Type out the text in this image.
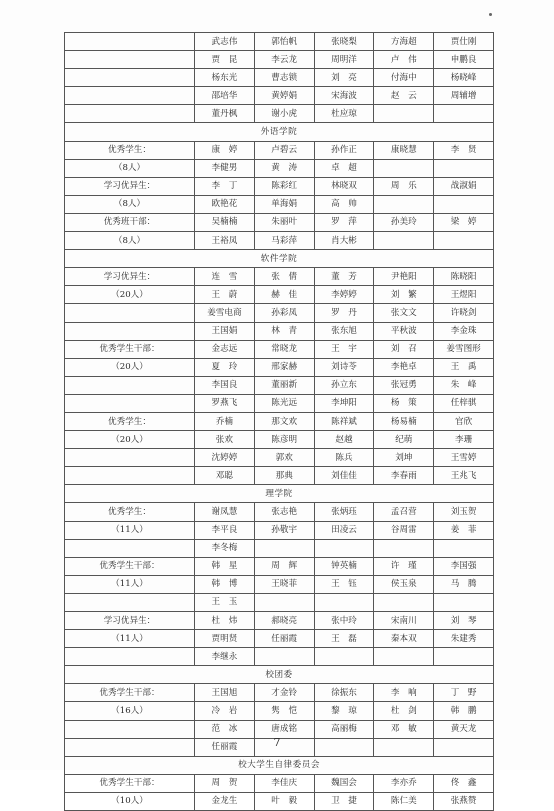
	武志伟	郭怡帆	张晓梨	方海超	贾仕刚
	贾　昆	李云龙	周明洋	卢　伟	申鹏良
	杨东光	曹志锁	刘　亮	付海中	杨晓峰
	邵培华	黄婷娟	宋海波	赵　云	周辅增
	董丹枫	谢小虎	杜应琼		
外语学院					
优秀学生：	康　婷	卢碧云	孙作正	康晓慧	李　贤
（8人）	李健男	黄　涛	卓　超		
学习优异生：	李　丁	陈彩红	林晓双	周　乐	战淑娟
（8人）	欧艳花	单海娟	高　帅		
优秀班干部：	吴楠楠	朱丽叶	罗　萍	孙美玲	梁　婷
（8人）	王裕凤	马彩萍	肖大彬		
软件学院					
学习优异生：	连　雪	张　倩	董　芳	尹艳阳	陈晓阳
（20人）	王　蔚	赫　佳	李婷婷	刘　繁	王煜阳
	姜雪电商	孙彩凤	罗　丹	张文文	许晓剑
	王国娟	林　青	张东旭	平秋波	李金珠
优秀学生干部：	金志远	常晓龙	王　宇	刘　召	姜雪图形
（20人）	夏　玲	邢家赫	刘诗苓	李艳卓	王　禹
	李国良	董丽新	孙立东	张冠勇	朱　峰
	罗燕飞	陈光远	李坤阳	杨　策	任梓骐
优秀学生：	乔楠	那文欢	陈祥斌	杨易楠	官欣
（20人）	张欢	陈彦明	赵越	纪萌	李珊
	沈婷婷	郭欢	陈兵	刘坤	王雪婷
	邓聪	那典	刘佳佳	李春雨	王兆飞
理学院					
优秀学生：	谢凤慧	张志艳	张炳珏	孟召营	刘玉贺
（11人）	李平良	孙敬宇	田凌云	谷周雷	姜　菲
	李冬梅				
优秀学生干部：	韩　星	周　辉	钟英楠	许　瑾	李国强
（11人）	韩　博	王晓菲	王　钰	侯玉泉	马　腾
	王　玉				
学习优异生：	杜　炜	郝晓亮	张中玲	宋南川	刘　琴
（11人）	贾明贤	任丽霞	王　磊	秦本双	朱建秀
	李继永				
校团委					
优秀学生干部：	王国旭	才金铃	徐振东	李　响	丁　野
（16人）	冷　岩	隽　恺	黎　琼	杜　剑	韩　鹏
	范　冰	唐成铭	高丽梅	邓　敏	黄天龙
	任丽霞				
校大学生自律委员会					
优秀学生干部：	周　贺	李佳庆	魏国会	李亦乔	佟　鑫
（10人）	金龙生	叶　毅	卫　捷	陈仁美	张燕赞
7
